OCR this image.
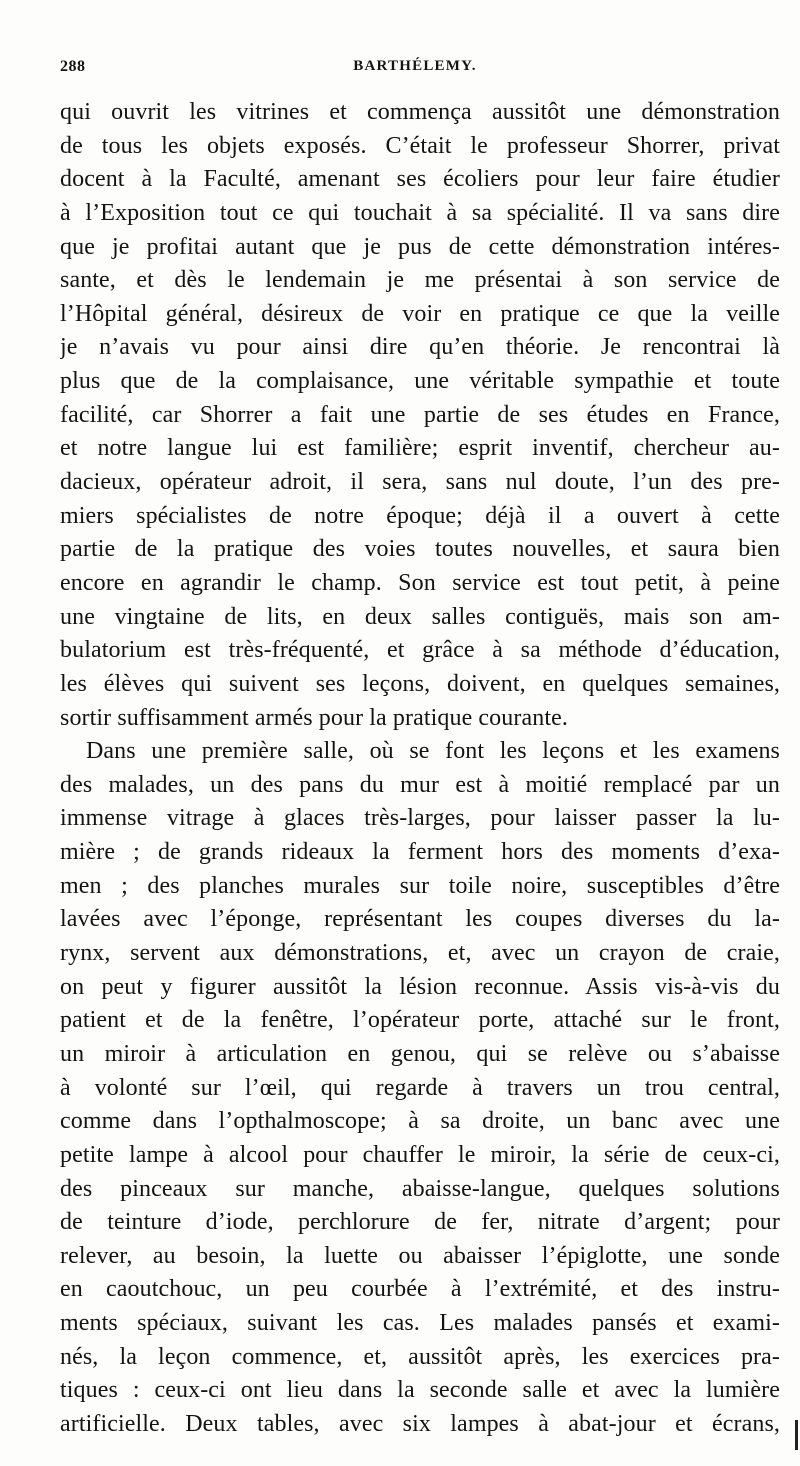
288	BARTHÉLEMY.
qui ouvrit les vitrines et commença aussitôt une démonstration
de tous les objets exposés. C’était le professeur Shorrer, privat
docent à la Faculté, amenant ses écoliers pour leur faire étudier
à l’Exposition tout ce qui touchait à sa spécialité. Il va sans dire
que je profitai autant que je pus de cette démonstration intéres-
sante, et dès le lendemain je me présentai à son service de
l’Hôpital général, désireux de voir en pratique ce que la veille
je n’avais vu pour ainsi dire qu’en théorie. Je rencontrai là
plus que de la complaisance, une véritable sympathie et toute
facilité, car Shorrer a fait une partie de ses études en France,
et notre langue lui est familière; esprit inventif, chercheur au-
dacieux, opérateur adroit, il sera, sans nul doute, l’un des pre-
miers spécialistes de notre époque; déjà il a ouvert à cette
partie de la pratique des voies toutes nouvelles, et saura bien
encore en agrandir le champ. Son service est tout petit, à peine
une vingtaine de lits, en deux salles contiguës, mais son am-
bulatorium est très-fréquenté, et grâce à sa méthode d’éducation,
les élèves qui suivent ses leçons, doivent, en quelques semaines,
sortir suffisamment armés pour la pratique courante.
Dans une première salle, où se font les leçons et les examens
des malades, un des pans du mur est à moitié remplacé par un
immense vitrage à glaces très-larges, pour laisser passer la lu-
mière ; de grands rideaux la ferment hors des moments d’exa-
men ; des planches murales sur toile noire, susceptibles d’être
lavées avec l’éponge, représentant les coupes diverses du la-
rynx, servent aux démonstrations, et, avec un crayon de craie,
on peut y figurer aussitôt la lésion reconnue. Assis vis-à-vis du
patient et de la fenêtre, l’opérateur porte, attaché sur le front,
un miroir à articulation en genou, qui se relève ou s’abaisse
à volonté sur l’œil, qui regarde à travers un trou central,
comme dans l’opthalmoscope; à sa droite, un banc avec une
petite lampe à alcool pour chauffer le miroir, la série de ceux-ci,
des pinceaux sur manche, abaisse-langue, quelques solutions
de teinture d’iode, perchlorure de fer, nitrate d’argent; pour
relever, au besoin, la luette ou abaisser l’épiglotte, une sonde
en caoutchouc, un peu courbée à l’extrémité, et des instru-
ments spéciaux, suivant les cas. Les malades pansés et exami-
nés, la leçon commence, et, aussitôt après, les exercices pra-
tiques : ceux-ci ont lieu dans la seconde salle et avec la lumière
artificielle. Deux tables, avec six lampes à abat-jour et écrans,
